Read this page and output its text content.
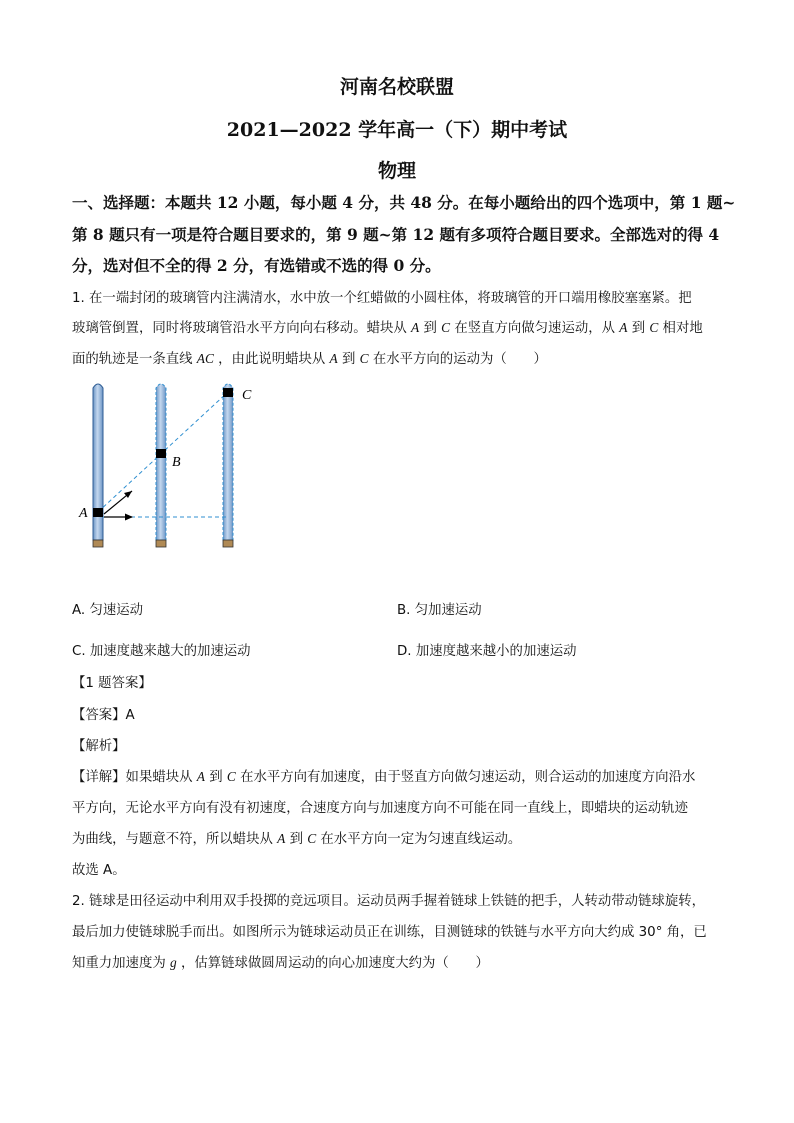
河南名校联盟
2021—2022 学年高一（下）期中考试
物理
一、选择题：本题共 12 小题，每小题 4 分，共 48 分。在每小题给出的四个选项中，第 1 题~
第 8 题只有一项是符合题目要求的，第 9 题~第 12 题有多项符合题目要求。全部选对的得 4
分，选对但不全的得 2 分，有选错或不选的得 0 分。
1. 在一端封闭的玻璃管内注满清水，水中放一个红蜡做的小圆柱体，将玻璃管的开口端用橡胶塞塞紧。把
玻璃管倒置，同时将玻璃管沿水平方向向右移动。蜡块从 A 到 C 在竖直方向做匀速运动，从 A 到 C 相对地
面的轨迹是一条直线 AC ，由此说明蜡块从 A 到 C 在水平方向的运动为（　　）
A
B
C
A. 匀速运动	B. 匀加速运动
C. 加速度越来越大的加速运动	D. 加速度越来越小的加速运动
【1 题答案】
【答案】A
【解析】
【详解】如果蜡块从 A 到 C 在水平方向有加速度，由于竖直方向做匀速运动，则合运动的加速度方向沿水
平方向，无论水平方向有没有初速度，合速度方向与加速度方向不可能在同一直线上，即蜡块的运动轨迹
为曲线，与题意不符，所以蜡块从 A 到 C 在水平方向一定为匀速直线运动。
故选 A。
2. 链球是田径运动中利用双手投掷的竞远项目。运动员两手握着链球上铁链的把手，人转动带动链球旋转，
最后加力使链球脱手而出。如图所示为链球运动员正在训练，目测链球的铁链与水平方向大约成 30° 角，已
知重力加速度为 g ，估算链球做圆周运动的向心加速度大约为（　　）
